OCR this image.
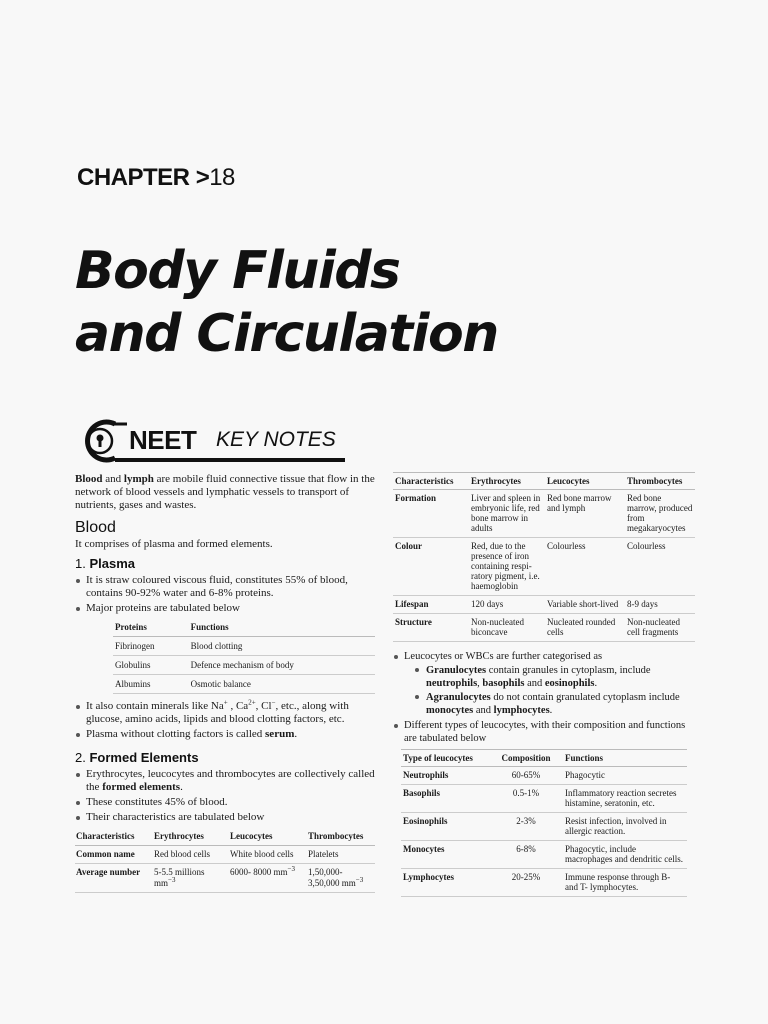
CHAPTER >18
Body Fluids
and Circulation
NEET KEY NOTES

Blood and lymph are mobile fluid connective tissue that flow in the network of blood vessels and lymphatic vessels to transport of nutrients, gases and wastes.

Blood

It comprises of plasma and formed elements.

1. Plasma
It is straw coloured viscous fluid, constitutes 55% of blood, contains 90-92% water and 6-8% proteins.
Major proteins are tabulated below
Proteins	Functions
Fibrinogen	Blood clotting
Globulins	Defence mechanism of body
Albumins	Osmotic balance
It also contain minerals like Na+ , $Ca^{2+}$, Cl−, etc., along with glucose, amino acids, lipids and blood clotting factors, etc.
Plasma without clotting factors is called serum.
2. Formed Elements
Erythrocytes, leucocytes and thrombocytes are collectively called the formed elements.
These constitutes 45% of blood.
Their characteristics are tabulated below
Characteristics	Erythrocytes	Leucocytes	Thrombocytes
Common name	Red blood cells	White blood cells	Platelets
Average number	5-5.5 millions $mm^{-3}$	6000- 8000 $mm^{-3}$	1,50,000- 3,50,000 $mm^{-3}$
Characteristics	Erythrocytes	Leucocytes	Thrombocytes
Formation	Liver and spleen in embryonic life, red bone marrow in adults	Red bone marrow and lymph	Red bone marrow, produced from megakaryocytes
Colour	Red, due to the presence of iron containing respi-ratory pigment, i.e. haemoglobin	Colourless	Colourless
Lifespan	120 days	Variable short-lived	8-9 days
Structure	Non-nucleated biconcave	Nucleated rounded cells	Non-nucleated cell fragments
Leucocytes or WBCs are further categorised as
Granulocytes contain granules in cytoplasm, include neutrophils, basophils and eosinophils.
Agranulocytes do not contain granulated cytoplasm include monocytes and lymphocytes.
Different types of leucocytes, with their composition and functions are tabulated below
Type of leucocytes	Composition	Functions
Neutrophils	60-65%	Phagocytic
Basophils	0.5-1%	Inflammatory reaction secretes histamine, seratonin, etc.
Eosinophils	2-3%	Resist infection, involved in allergic reaction.
Monocytes	6-8%	Phagocytic, include macrophages and dendritic cells.
Lymphocytes	20-25%	Immune response through B- and T- lymphocytes.
